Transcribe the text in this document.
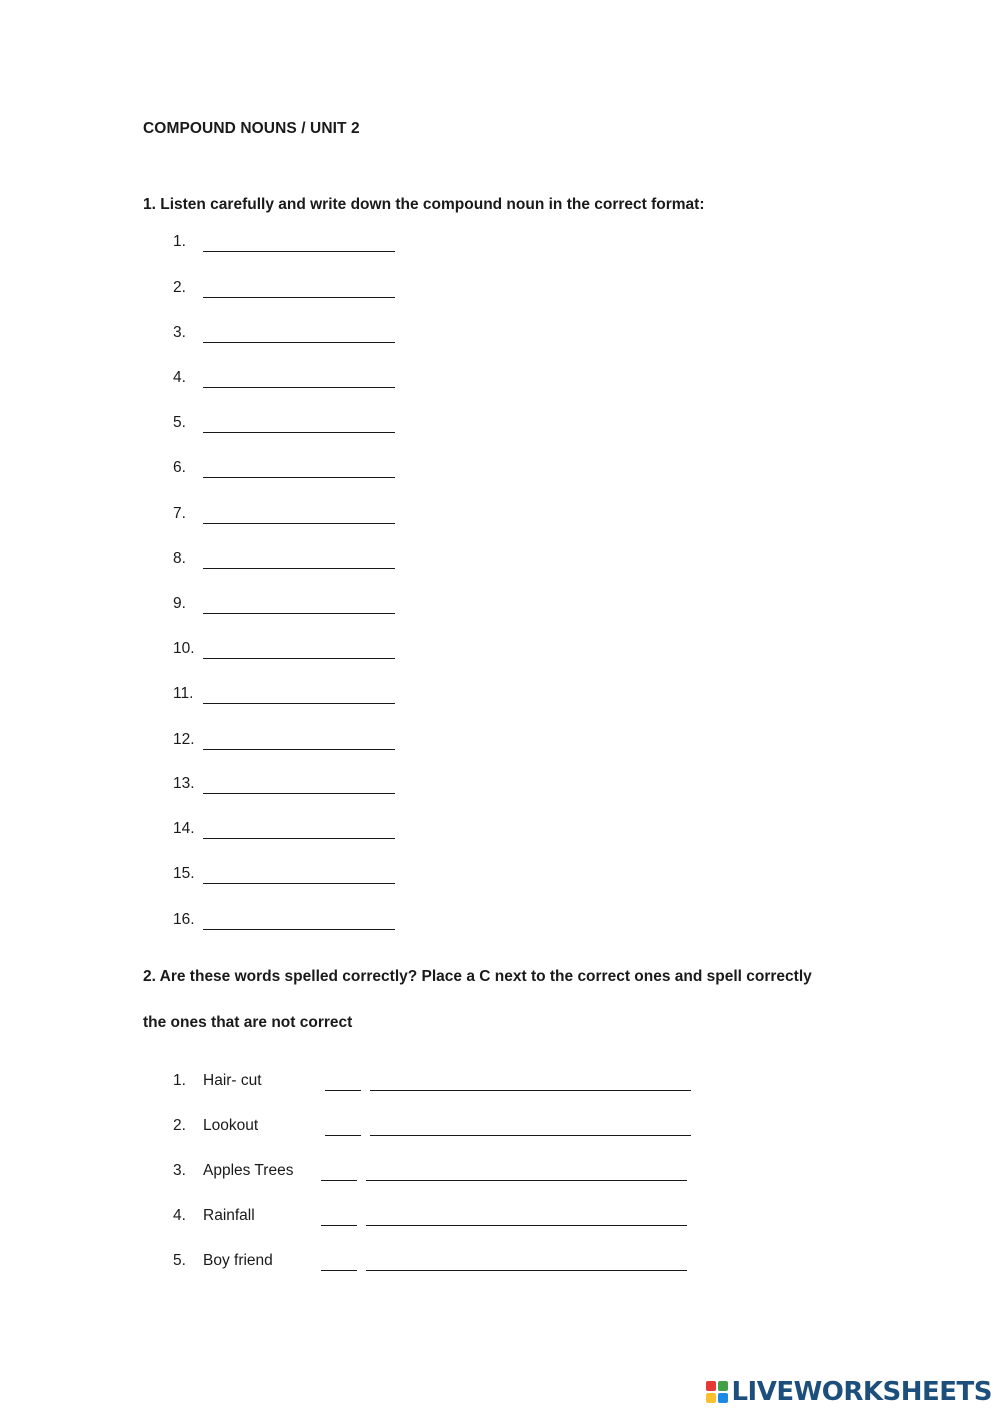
COMPOUND NOUNS / UNIT 2
1. Listen carefully and write down the compound noun in the correct format:
1.
2.
3.
4.
5.
6.
7.
8.
9.
10.
11.
12.
13.
14.
15.
16.
2. Are these words spelled correctly? Place a C next to the correct ones and spell correctly
the ones that are not correct
1. Hair- cut
2. Lookout
3. Apples Trees
4. Rainfall
5. Boy friend
LIVEWORKSHEETS
